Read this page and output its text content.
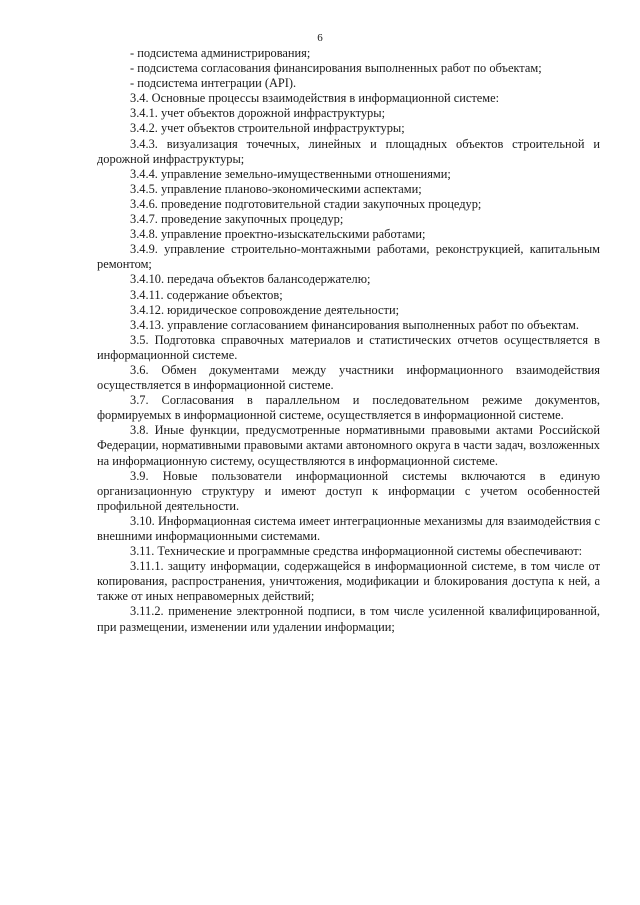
6

- подсистема администрирования;

- подсистема согласования финансирования выполненных работ по объектам;

- подсистема интеграции (API).

3.4. Основные процессы взаимодействия в информационной системе:

3.4.1. учет объектов дорожной инфраструктуры;

3.4.2. учет объектов строительной инфраструктуры;

3.4.3. визуализация точечных, линейных и площадных объектов строительной и дорожной инфраструктуры;

3.4.4. управление земельно-имущественными отношениями;

3.4.5. управление планово-экономическими аспектами;

3.4.6. проведение подготовительной стадии закупочных процедур;

3.4.7. проведение закупочных процедур;

3.4.8. управление проектно-изыскательскими работами;

3.4.9. управление строительно-монтажными работами, реконструкцией, капитальным ремонтом;

3.4.10. передача объектов балансодержателю;

3.4.11. содержание объектов;

3.4.12. юридическое сопровождение деятельности;

3.4.13. управление согласованием финансирования выполненных работ по объектам.

3.5. Подготовка справочных материалов и статистических отчетов осуществляется в информационной системе.

3.6. Обмен документами между участники информационного взаимодействия осуществляется в информационной системе.

3.7. Согласования в параллельном и последовательном режиме документов, формируемых в информационной системе, осуществляется в информационной системе.

3.8. Иные функции, предусмотренные нормативными правовыми актами Российской Федерации, нормативными правовыми актами автономного округа в части задач, возложенных на информационную систему, осуществляются в информационной системе.

3.9. Новые пользователи информационной системы включаются в единую организационную структуру и имеют доступ к информации с учетом особенностей профильной деятельности.

3.10. Информационная система имеет интеграционные механизмы для взаимодействия с внешними информационными системами.

3.11. Технические и программные средства информационной системы обеспечивают:

3.11.1. защиту информации, содержащейся в информационной системе, в том числе от копирования, распространения, уничтожения, модификации и блокирования доступа к ней, а также от иных неправомерных действий;

3.11.2. применение электронной подписи, в том числе усиленной квалифицированной, при размещении, изменении или удалении информации;
